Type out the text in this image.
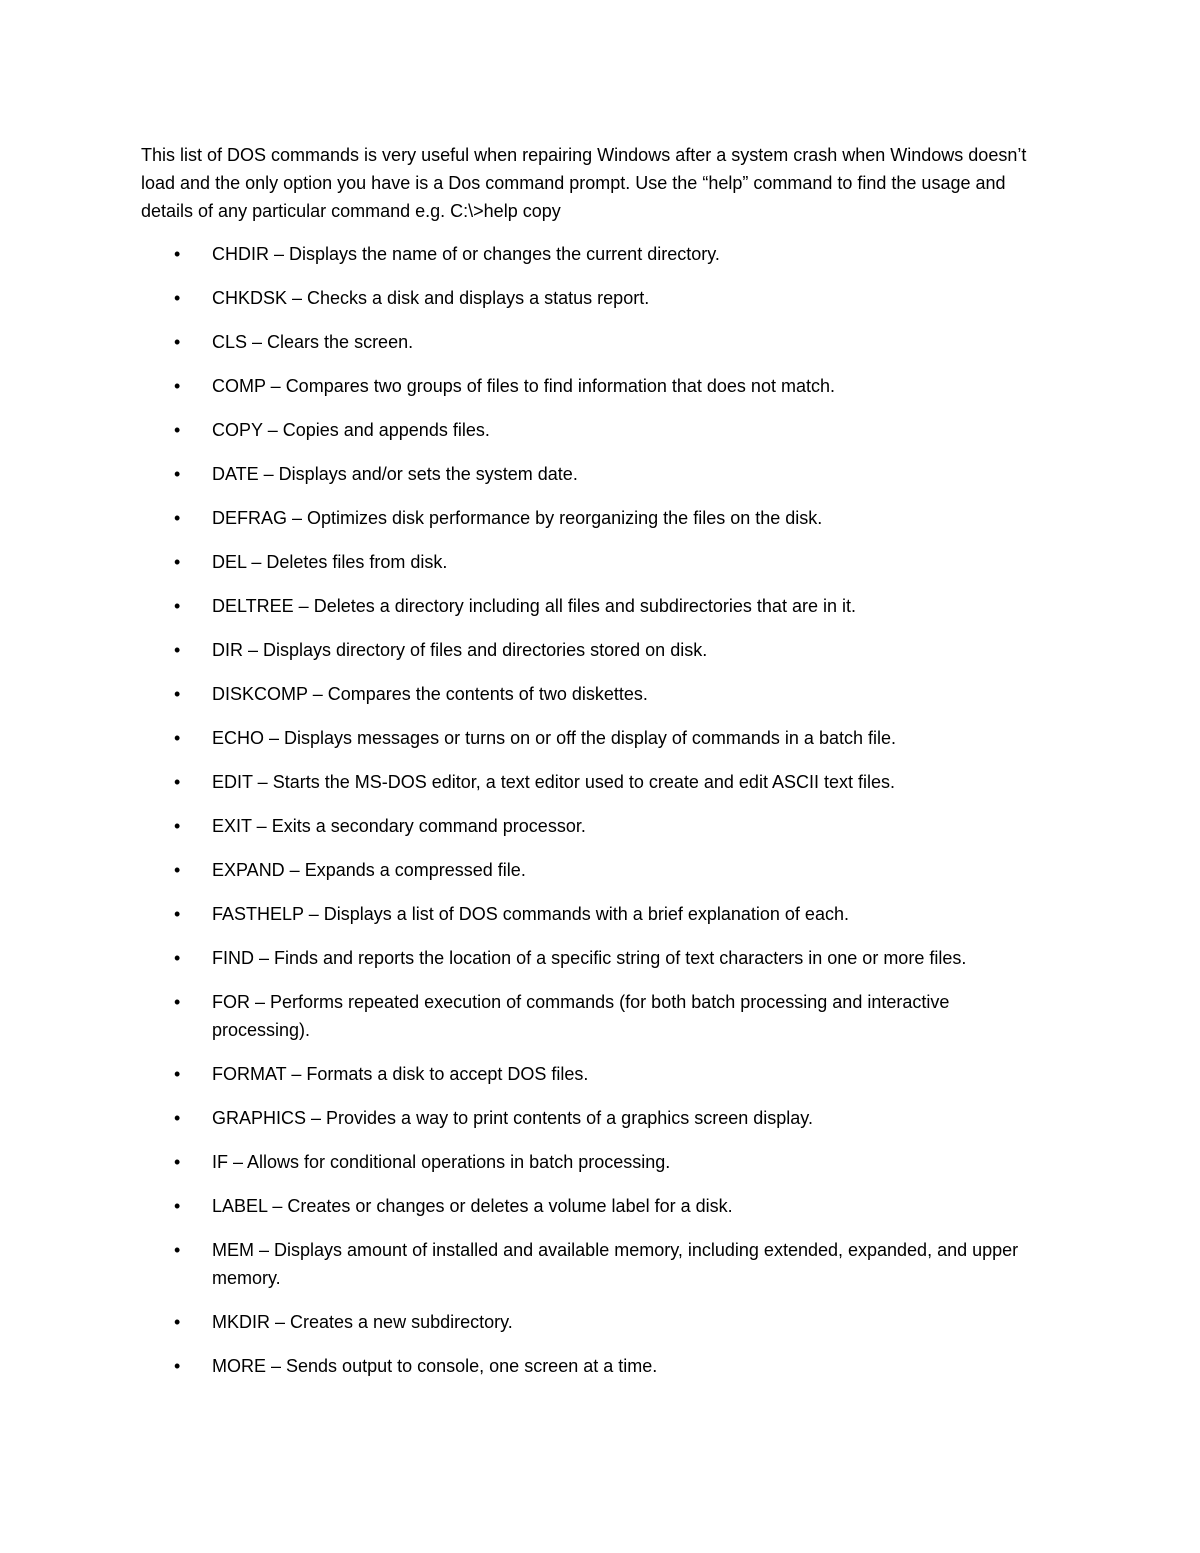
This list of DOS commands is very useful when repairing Windows after a system crash when Windows doesn’t load and the only option you have is a Dos command prompt. Use the “help” command to find the usage and details of any particular command e.g. C:\>help copy

• CHDIR – Displays the name of or changes the current directory.
• CHKDSK – Checks a disk and displays a status report.
• CLS – Clears the screen.
• COMP – Compares two groups of files to find information that does not match.
• COPY – Copies and appends files.
• DATE – Displays and/or sets the system date.
• DEFRAG – Optimizes disk performance by reorganizing the files on the disk.
• DEL – Deletes files from disk.
• DELTREE – Deletes a directory including all files and subdirectories that are in it.
• DIR – Displays directory of files and directories stored on disk.
• DISKCOMP – Compares the contents of two diskettes.
• ECHO – Displays messages or turns on or off the display of commands in a batch file.
• EDIT – Starts the MS-DOS editor, a text editor used to create and edit ASCII text files.
• EXIT – Exits a secondary command processor.
• EXPAND – Expands a compressed file.
• FASTHELP – Displays a list of DOS commands with a brief explanation of each.
• FIND – Finds and reports the location of a specific string of text characters in one or more files.
• FOR – Performs repeated execution of commands (for both batch processing and interactive processing).
• FORMAT – Formats a disk to accept DOS files.
• GRAPHICS – Provides a way to print contents of a graphics screen display.
• IF – Allows for conditional operations in batch processing.
• LABEL – Creates or changes or deletes a volume label for a disk.
• MEM – Displays amount of installed and available memory, including extended, expanded, and upper memory.
• MKDIR – Creates a new subdirectory.
• MORE – Sends output to console, one screen at a time.
